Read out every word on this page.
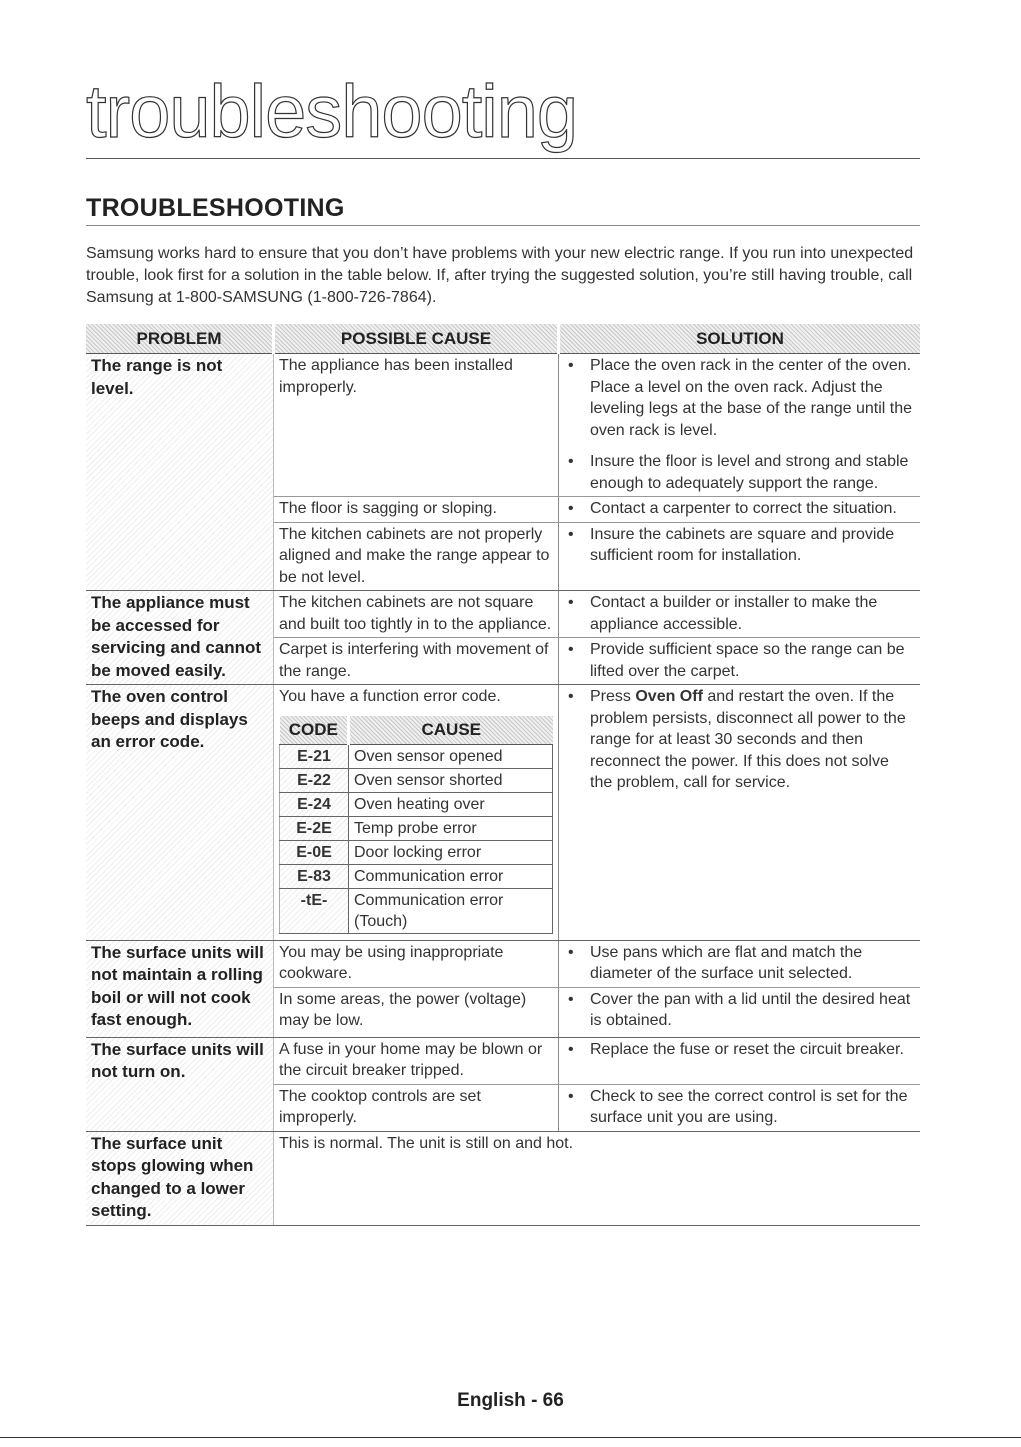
troubleshooting
TROUBLESHOOTING

Samsung works hard to ensure that you don’t have problems with your new electric range. If you run into unexpected trouble, look first for a solution in the table below. If, after trying the suggested solution, you’re still having trouble, call Samsung at 1-800-SAMSUNG (1-800-726-7864).

PROBLEM	POSSIBLE CAUSE	SOLUTION
The range is not level.	The appliance has been installed improperly.	
• Place the oven rack in the center of the oven. Place a level on the oven rack. Adjust the leveling legs at the base of the range until the oven rack is level.
• Insure the floor is level and strong and stable enough to adequately support the range.

The floor is sagging or sloping.	
•Contact a carpenter to correct the situation.

The kitchen cabinets are not properly aligned and make the range appear to be not level.	
• Insure the cabinets are square and provide sufficient room for installation.

The appliance must be accessed for servicing and cannot be moved easily.	The kitchen cabinets are not square and built too tightly in to the appliance.	
• Contact a builder or installer to make the appliance accessible.

Carpet is interfering with movement of the range.	
• Provide sufficient space so the range can be lifted over the carpet.

The oven control beeps and displays an error code.	
You have a function error code.
CODE	CAUSE
E-21	Oven sensor opened
E-22	Oven sensor shorted
E-24	Oven heating over
E-2E	Temp probe error
E-0E	Door locking error
E-83	Communication error
-tE-	Communication error (Touch)

• Press Oven Off and restart the oven. If the problem persists, disconnect all power to the range for at least 30 seconds and then reconnect the power. If this does not solve the problem, call for service.

The surface units will not maintain a rolling boil or will not cook fast enough.	You may be using inappropriate cookware.	
• Use pans which are flat and match the diameter of the surface unit selected.

In some areas, the power (voltage) may be low.	
• Cover the pan with a lid until the desired heat is obtained.

The surface units will not turn on.	A fuse in your home may be blown or the circuit breaker tripped.	
• Replace the fuse or reset the circuit breaker.

The cooktop controls are set improperly.	
• Check to see the correct control is set for the surface unit you are using.

The surface unit stops glowing when changed to a lower setting.	This is normal. The unit is still on and hot.
English - 66
